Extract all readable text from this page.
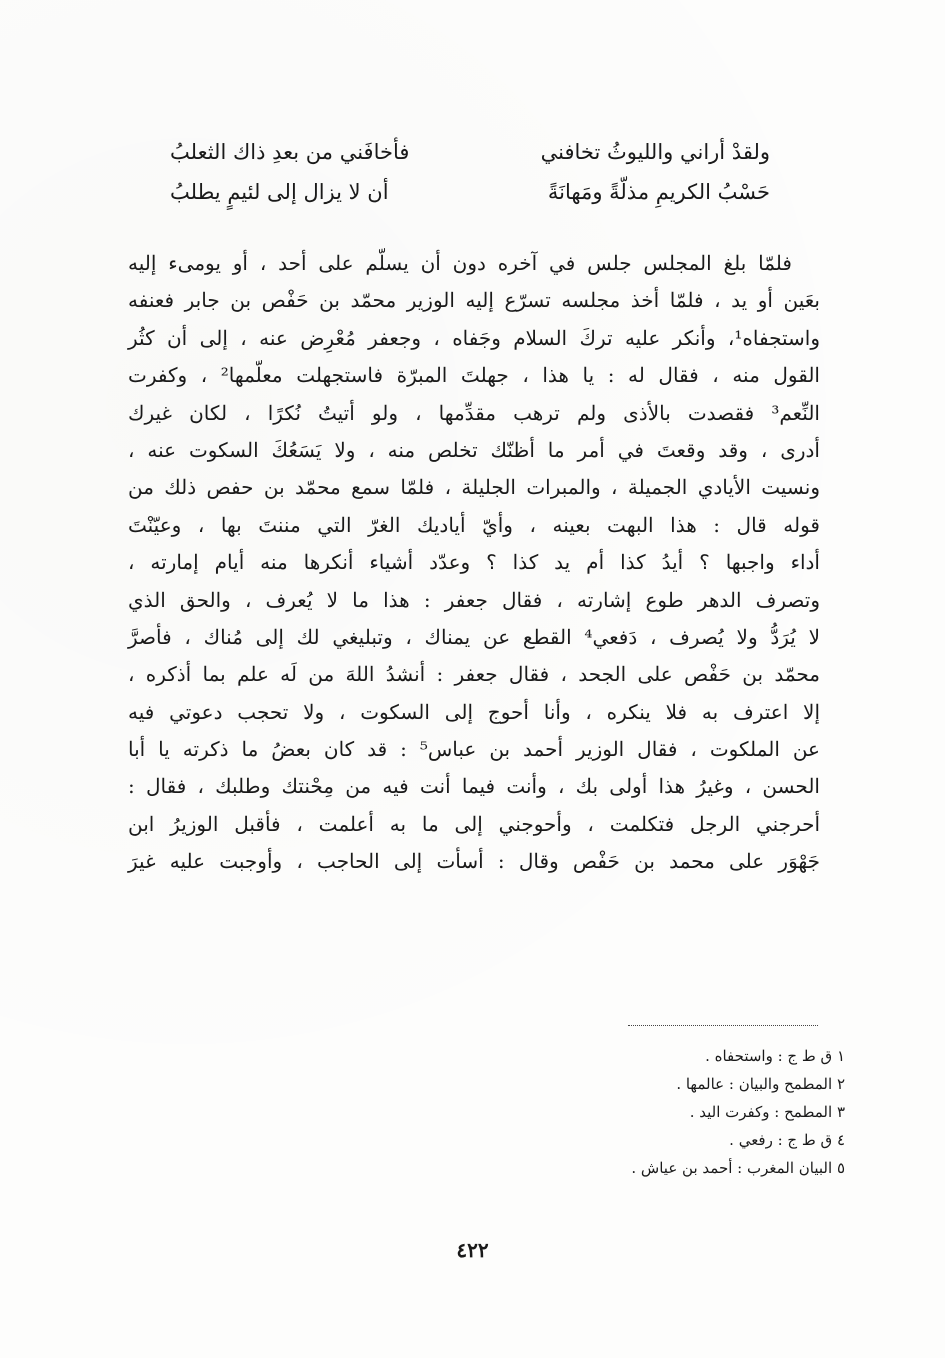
ولقدْ أراني والليوثُ تخافني
فأخافَني من بعدِ ذاك الثعلبُ
حَسْبُ الكريمِ مذلّةً ومَهانَةً
أن لا يزال إلى لئيمٍ يطلبُ
فلمّا بلغ المجلس جلس في آخره دون أن يسلّم على أحد ، أو يومىء إليه
بعَين أو يد ، فلمّا أخذ مجلسه تسرّع إليه الوزير محمّد بن حَفْص بن جابر فعنفه
واستجفاه¹، وأنكر عليه تركَ السلام وجَفاه ، وجعفر مُعْرِض عنه ، إلى أن كثُر
القول منه ، فقال له : يا هذا ، جهلتَ المبرّة فاستجهلت معلّمها² ، وكفرت
النِّعم³ فقصدت بالأذى ولم ترهب مقدِّمها ، ولو أتيتُ نُكرًا ، لكان غيرك
أدرى ، وقد وقعتَ في أمر ما أظنّك تخلص منه ، ولا يَسَعُكَ السكوت عنه ،
ونسيت الأيادي الجميلة ، والمبرات الجليلة ، فلمّا سمع محمّد بن حفص ذلك من
قوله قال : هذا البهت بعينه ، وأيّ أياديك الغرّ التي مننتَ بها ، وعيّنْتَ
أداء واجبها ؟ أيدُ كذا أم يد كذا ؟ وعدّد أشياء أنكرها منه أيام إمارته ،
وتصرف الدهر طوع إشارته ، فقال جعفر : هذا ما لا يُعرف ، والحق الذي
لا يُرَدُّ ولا يُصرف ، دَفعي⁴ القطع عن يمناك ، وتبليغي لك إلى مُناك ، فأصرَّ
محمّد بن حَفْص على الجحد ، فقال جعفر : أنشدُ اللهَ من لَه علم بما أذكره ،
إلا اعترف به فلا ينكره ، وأنا أحوج إلى السكوت ، ولا تحجب دعوتي فيه
عن الملكوت ، فقال الوزير أحمد بن عباس⁵ : قد كان بعضُ ما ذكرته يا أبا
الحسن ، وغيرُ هذا أولى بك ، وأنت فيما أنت فيه من مِحْنتك وطلبك ، فقال :
أحرجني الرجل فتكلمت ، وأحوجني إلى ما به أعلمت ، فأقبل الوزيرُ ابن
جَهْوَر على محمد بن حَفْص وقال : أسأت إلى الحاجب ، وأوجبت عليه غيرَ
١ ق ط ج : واستحفاه .
٢ المطمح والبيان : عالمها .
٣ المطمح : وكفرت اليد .
٤ ق ط ج : رفعي .
٥ البيان المغرب : أحمد بن عياش .
٤٢٢
